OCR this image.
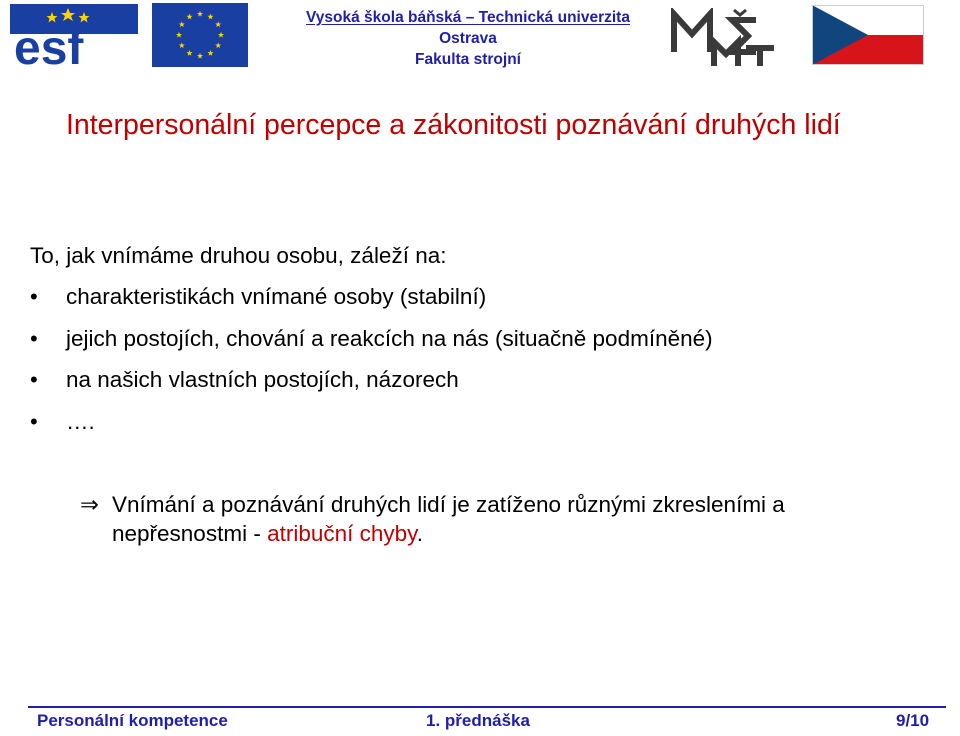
esf
Vysoká škola báňská – Technická univerzita
Ostrava
Fakulta strojní
Interpersonální percepce a zákonitosti poznávání druhých lidí
To, jak vnímáme druhou osobu, záleží na:
• charakteristikách vnímané osoby (stabilní)
• jejich postojích, chování a reakcích na nás (situačně podmíněné)
• na našich vlastních postojích, názorech
• ….
⇒ Vnímání a poznávání druhých lidí je zatíženo různými zkresleními a nepřesnostmi - atribuční chyby.
Personální kompetence	1. přednáška	9/10
